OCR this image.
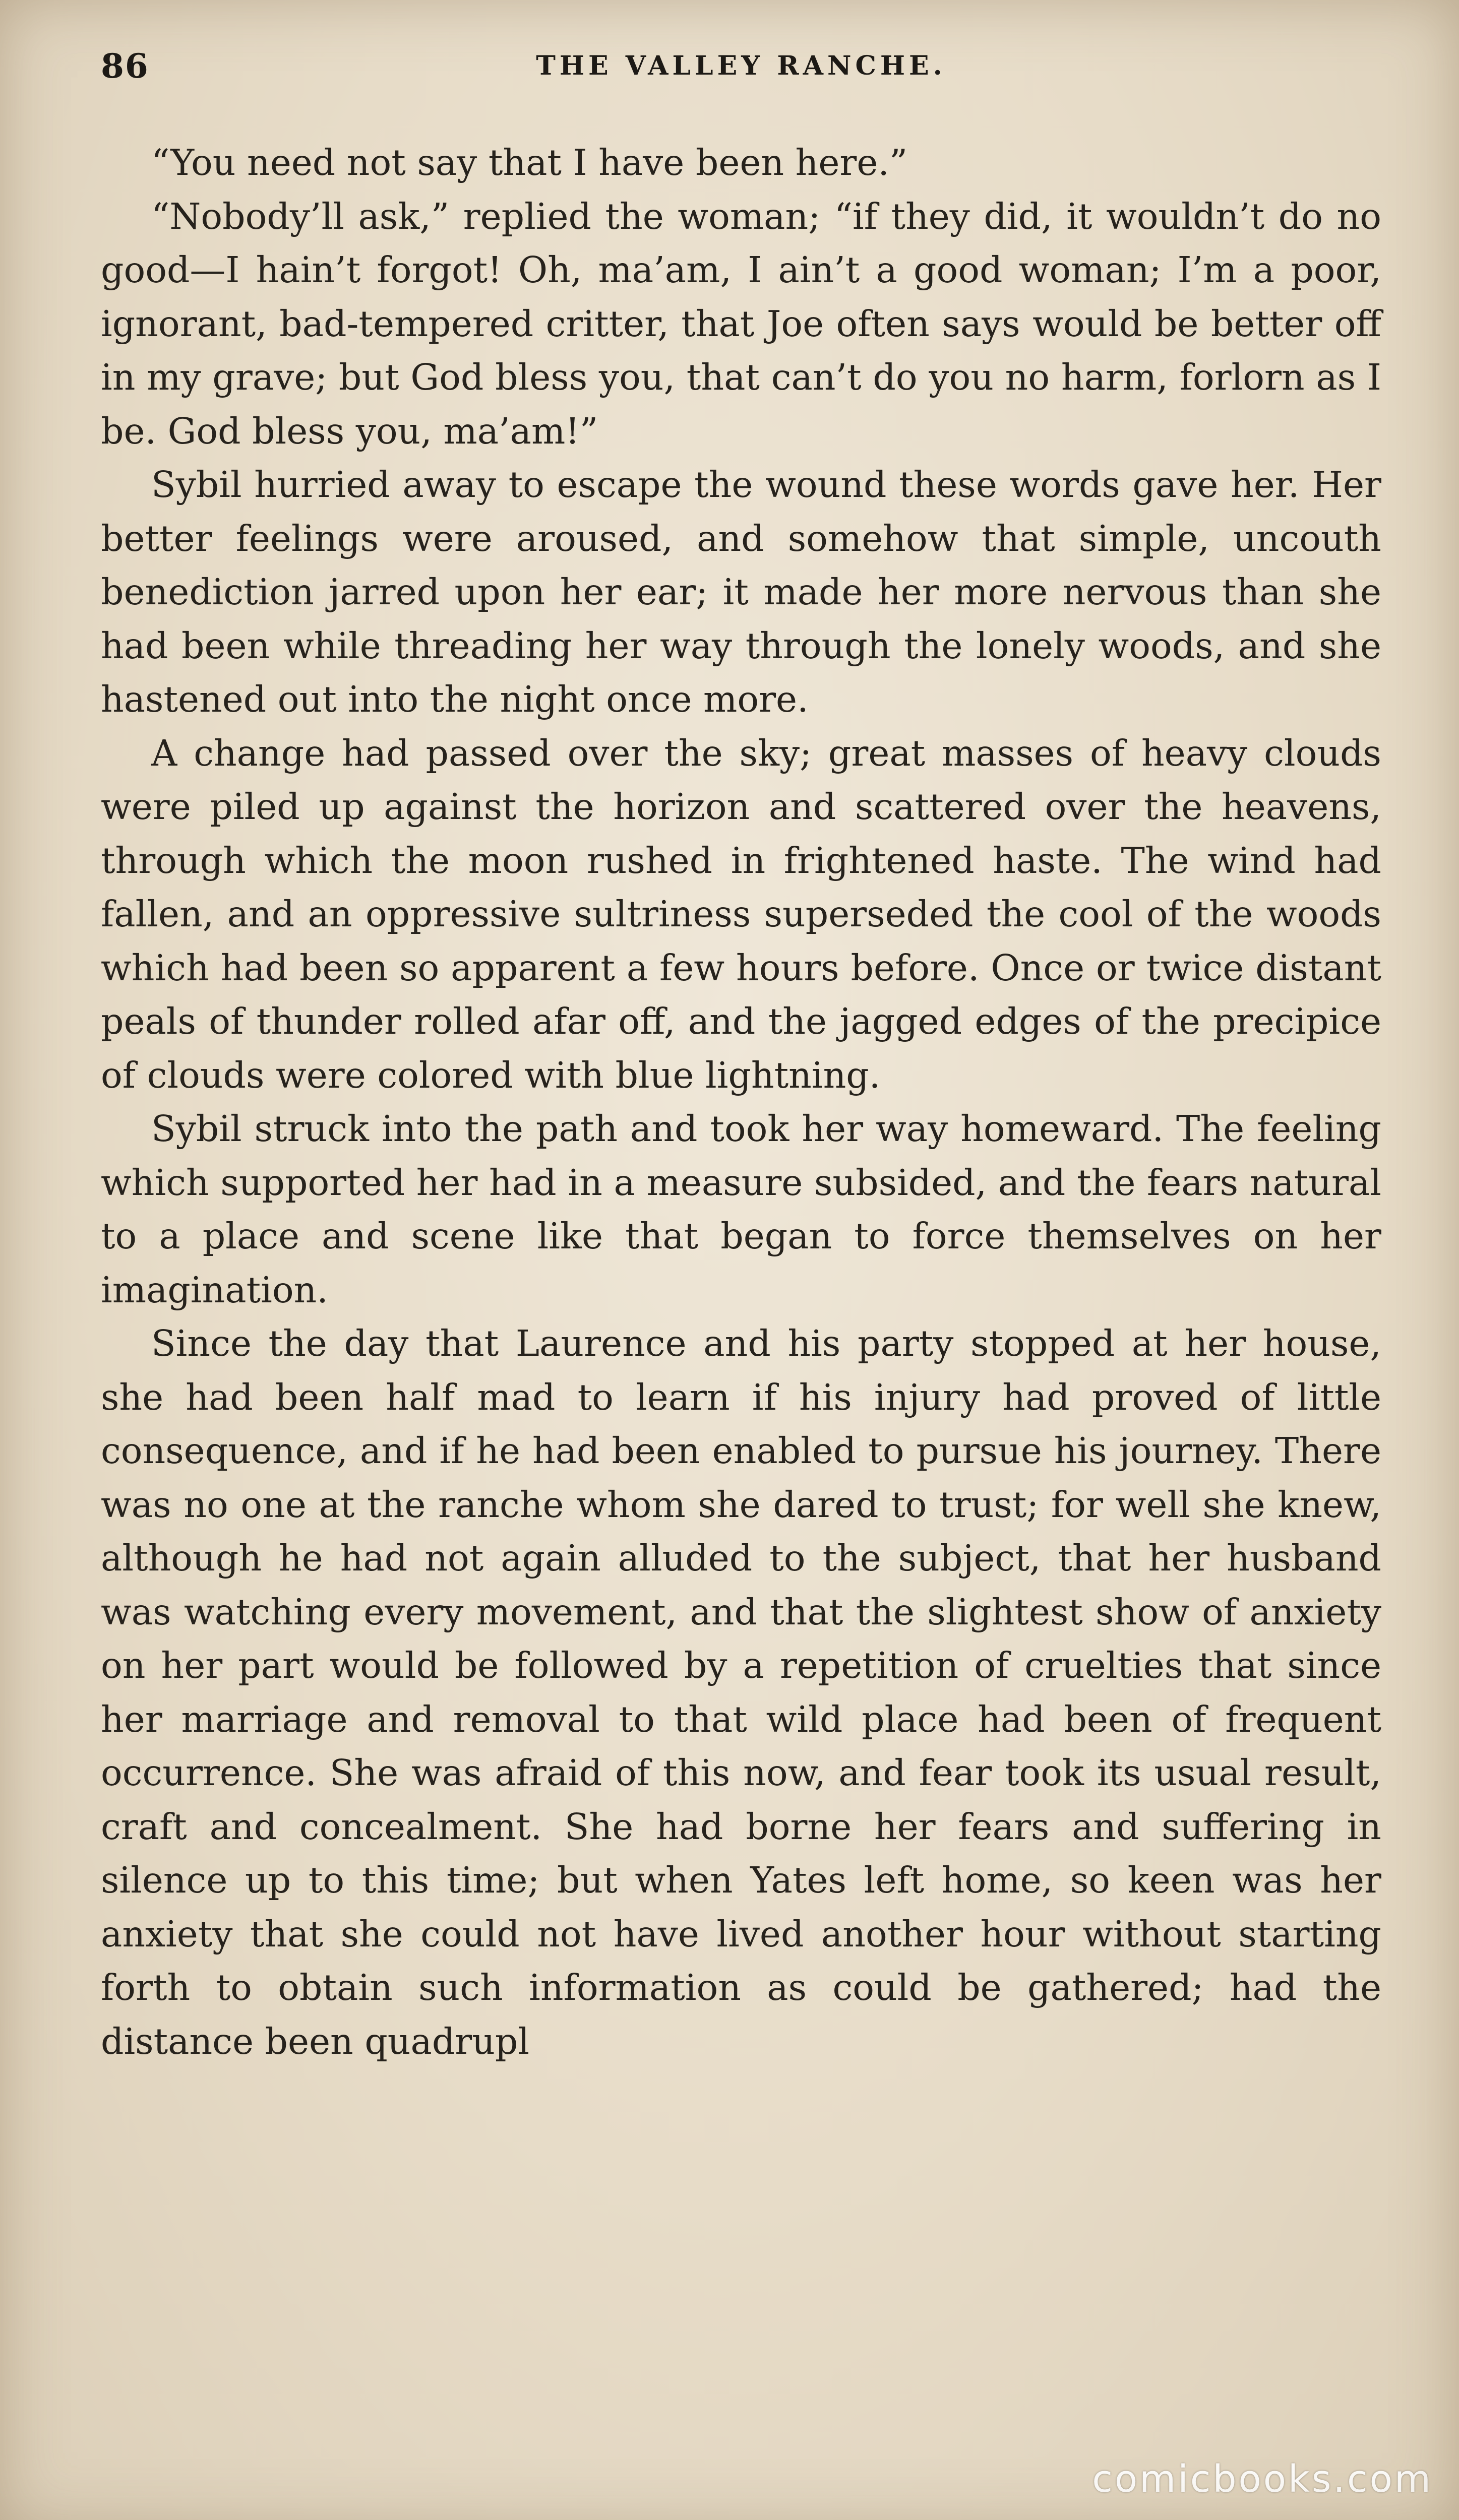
86	THE VALLEY RANCHE.

“You need not say that I have been here.”

“Nobody’ll ask,” replied the woman; “if they did, it wouldn’t do no good—I hain’t forgot! Oh, ma’am, I ain’t a good woman; I’m a poor, ignorant, bad-tempered critter, that Joe often says would be better off in my grave; but God bless you, that can’t do you no harm, forlorn as I be. God bless you, ma’am!”

Sybil hurried away to escape the wound these words gave her. Her better feelings were aroused, and somehow that simple, uncouth benediction jarred upon her ear; it made her more nervous than she had been while threading her way through the lonely woods, and she hastened out into the night once more.

A change had passed over the sky; great masses of heavy clouds were piled up against the horizon and scattered over the heavens, through which the moon rushed in frightened haste. The wind had fallen, and an oppressive sultriness superseded the cool of the woods which had been so apparent a few hours before. Once or twice distant peals of thunder rolled afar off, and the jagged edges of the precipice of clouds were colored with blue lightning.

Sybil struck into the path and took her way homeward. The feeling which supported her had in a measure subsided, and the fears natural to a place and scene like that began to force themselves on her imagination.

Since the day that Laurence and his party stopped at her house, she had been half mad to learn if his injury had proved of little consequence, and if he had been enabled to pursue his journey. There was no one at the ranche whom she dared to trust; for well she knew, although he had not again alluded to the subject, that her husband was watching every movement, and that the slightest show of anxiety on her part would be followed by a repetition of cruelties that since her marriage and removal to that wild place had been of frequent occurrence. She was afraid of this now, and fear took its usual result, craft and concealment. She had borne her fears and suffering in silence up to this time; but when Yates left home, so keen was her anxiety that she could not have lived another hour without starting forth to obtain such information as could be gathered; had the distance been quadrupl

comicbooks.com
